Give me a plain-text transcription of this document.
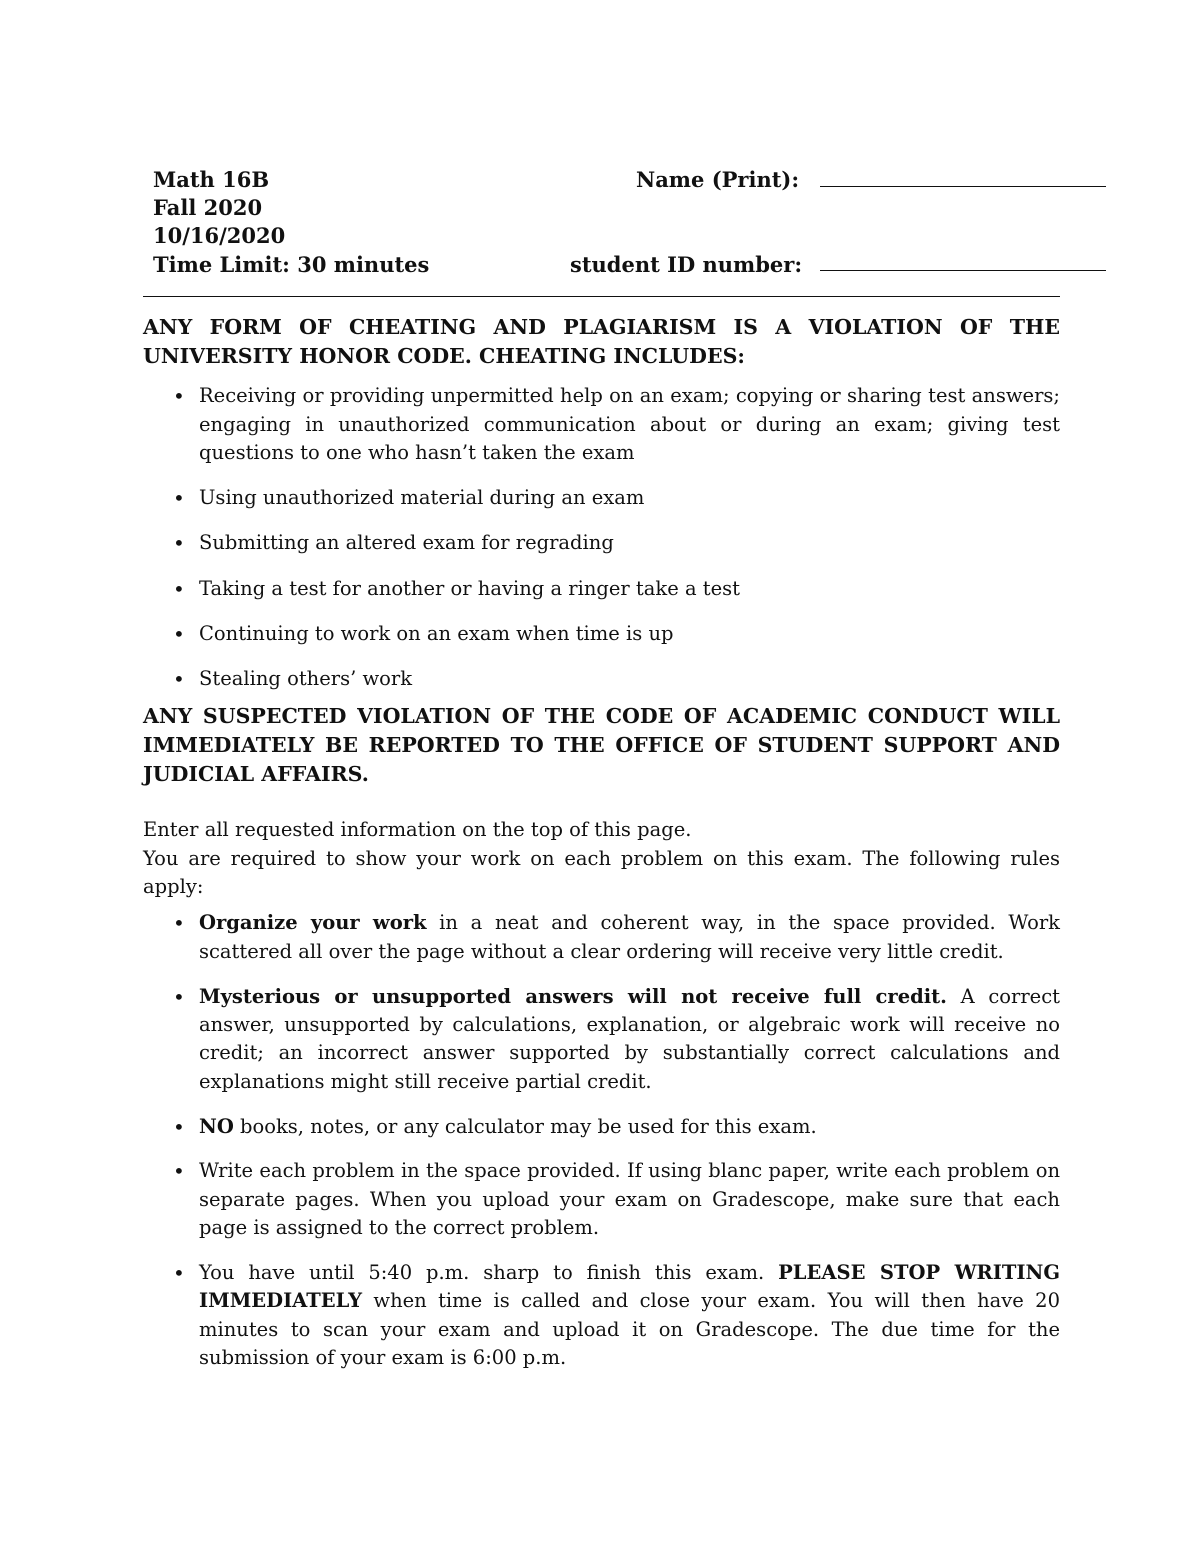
Math 16B
Fall 2020
10/16/2020
Time Limit: 30 minutes
Name (Print):
student ID number:

ANY FORM OF CHEATING AND PLAGIARISM IS A VIOLATION OF THE UNIVERSITY HONOR CODE. CHEATING INCLUDES:

• Receiving or providing unpermitted help on an exam; copying or sharing test answers; engaging in unauthorized communication about or during an exam; giving test questions to one who hasn’t taken the exam
• Using unauthorized material during an exam
• Submitting an altered exam for regrading
• Taking a test for another or having a ringer take a test
• Continuing to work on an exam when time is up
• Stealing others’ work

ANY SUSPECTED VIOLATION OF THE CODE OF ACADEMIC CONDUCT WILL IMMEDIATELY BE REPORTED TO THE OFFICE OF STUDENT SUPPORT AND JUDICIAL AFFAIRS.

Enter all requested information on the top of this page.

You are required to show your work on each problem on this exam. The following rules apply:

• Organize your work in a neat and coherent way, in the space provided. Work scattered all over the page without a clear ordering will receive very little credit.
• Mysterious or unsupported answers will not receive full credit. A correct answer, unsupported by calculations, explanation, or algebraic work will receive no credit; an incorrect answer supported by substantially correct calculations and explanations might still receive partial credit.
• NO books, notes, or any calculator may be used for this exam.
• Write each problem in the space provided. If using blanc paper, write each problem on separate pages. When you upload your exam on Gradescope, make sure that each page is assigned to the correct problem.
• You have until 5:40 p.m. sharp to finish this exam. PLEASE STOP WRITING IMMEDIATELY when time is called and close your exam. You will then have 20 minutes to scan your exam and upload it on Gradescope. The due time for the submission of your exam is 6:00 p.m.
